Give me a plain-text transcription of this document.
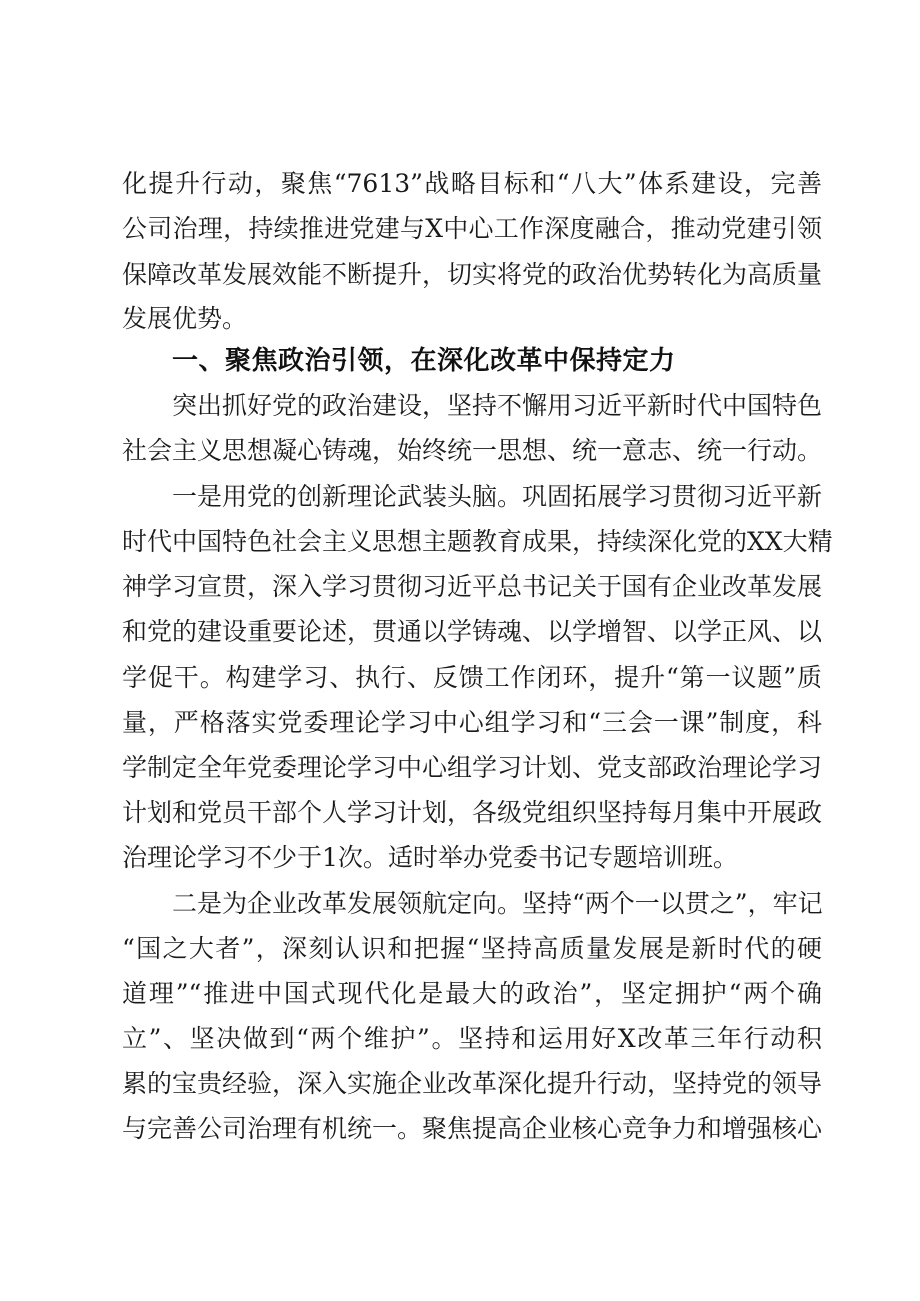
化提升行动，聚焦“7613”战略目标和“八大”体系建设，完善
公司治理，持续推进党建与X中心工作深度融合，推动党建引领
保障改革发展效能不断提升，切实将党的政治优势转化为高质量
发展优势。
一、聚焦政治引领，在深化改革中保持定力
突出抓好党的政治建设，坚持不懈用习近平新时代中国特色
社会主义思想凝心铸魂，始终统一思想、统一意志、统一行动。
一是用党的创新理论武装头脑。巩固拓展学习贯彻习近平新
时代中国特色社会主义思想主题教育成果，持续深化党的XX大精
神学习宣贯，深入学习贯彻习近平总书记关于国有企业改革发展
和党的建设重要论述，贯通以学铸魂、以学增智、以学正风、以
学促干。构建学习、执行、反馈工作闭环，提升“第一议题”质
量，严格落实党委理论学习中心组学习和“三会一课”制度，科
学制定全年党委理论学习中心组学习计划、党支部政治理论学习
计划和党员干部个人学习计划，各级党组织坚持每月集中开展政
治理论学习不少于1次。适时举办党委书记专题培训班。
二是为企业改革发展领航定向。坚持“两个一以贯之”，牢记
“国之大者”，深刻认识和把握“坚持高质量发展是新时代的硬
道理”“推进中国式现代化是最大的政治”，坚定拥护“两个确
立”、坚决做到“两个维护”。坚持和运用好X改革三年行动积
累的宝贵经验，深入实施企业改革深化提升行动，坚持党的领导
与完善公司治理有机统一。聚焦提高企业核心竞争力和增强核心
